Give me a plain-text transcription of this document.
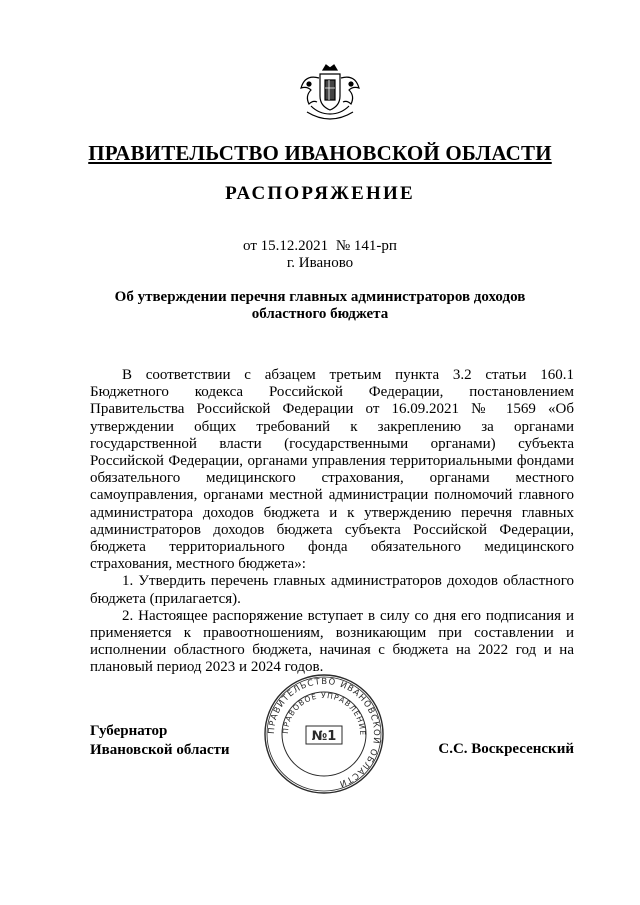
ПРАВИТЕЛЬСТВО ИВАНОВСКОЙ ОБЛАСТИ
РАСПОРЯЖЕНИЕ
от 15.12.2021 № 141-рп
г. Иваново
Об утверждении перечня главных администраторов доходов областного бюджета

В соответствии с абзацем третьим пункта 3.2 статьи 160.1 Бюджетного кодекса Российской Федерации, постановлением Правительства Российской Федерации от 16.09.2021 № 1569 «Об утверждении общих требований к закреплению за органами государственной власти (государственными органами) субъекта Российской Федерации, органами управления территориальными фондами обязательного медицинского страхования, органами местного самоуправления, органами местной администрации полномочий главного администратора доходов бюджета и к утверждению перечня главных администраторов доходов бюджета субъекта Российской Федерации, бюджета территориального фонда обязательного медицинского страхования, местного бюджета»:

1. Утвердить перечень главных администраторов доходов областного бюджета (прилагается).

2. Настоящее распоряжение вступает в силу со дня его подписания и применяется к правоотношениям, возникающим при составлении и исполнении областного бюджета, начиная с бюджета на 2022 год и на плановый период 2023 и 2024 годов.

Губернатор
Ивановской области
ПРАВИТЕЛЬСТВО ИВАНОВСКОЙ ОБЛАСТИ
ПРАВОВОЕ УПРАВЛЕНИЕ
№1
С.С. Воскресенский
